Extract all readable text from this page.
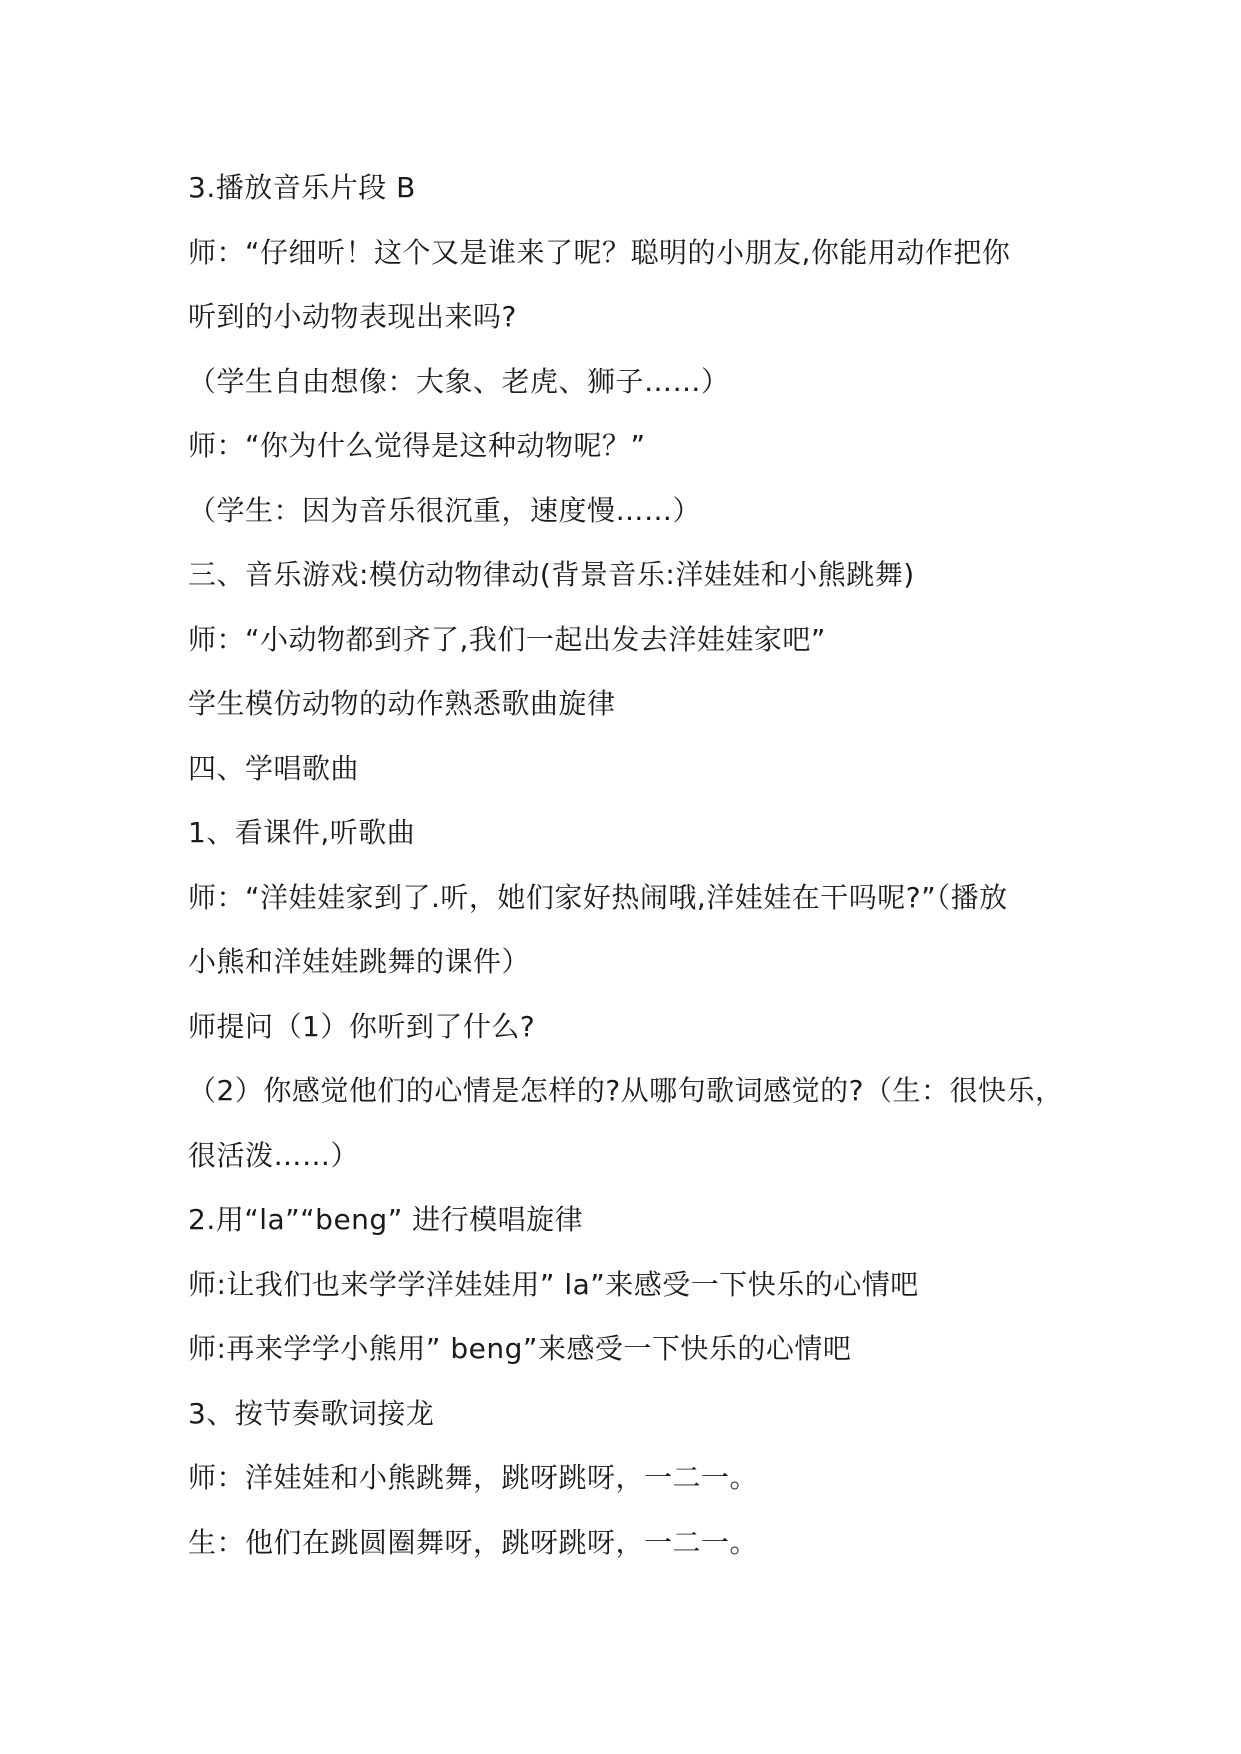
3.播放音乐片段 B
师：“仔细听！这个又是谁来了呢？聪明的小朋友,你能用动作把你
听到的小动物表现出来吗?
（学生自由想像：大象、老虎、狮子……）
师：“你为什么觉得是这种动物呢？”
（学生：因为音乐很沉重，速度慢……）
三、音乐游戏:模仿动物律动(背景音乐:洋娃娃和小熊跳舞)
师：“小动物都到齐了,我们一起出发去洋娃娃家吧”
学生模仿动物的动作熟悉歌曲旋律
四、学唱歌曲
1、看课件,听歌曲
师：“洋娃娃家到了.听，她们家好热闹哦,洋娃娃在干吗呢?”（播放
小熊和洋娃娃跳舞的课件）
师提问（1）你听到了什么?
（2）你感觉他们的心情是怎样的?从哪句歌词感觉的?（生：很快乐，
很活泼……）
2.用“la”“beng” 进行模唱旋律
师:让我们也来学学洋娃娃用” la”来感受一下快乐的心情吧
师:再来学学小熊用” beng”来感受一下快乐的心情吧
3、按节奏歌词接龙
师：洋娃娃和小熊跳舞，跳呀跳呀，一二一。
生：他们在跳圆圈舞呀，跳呀跳呀，一二一。
